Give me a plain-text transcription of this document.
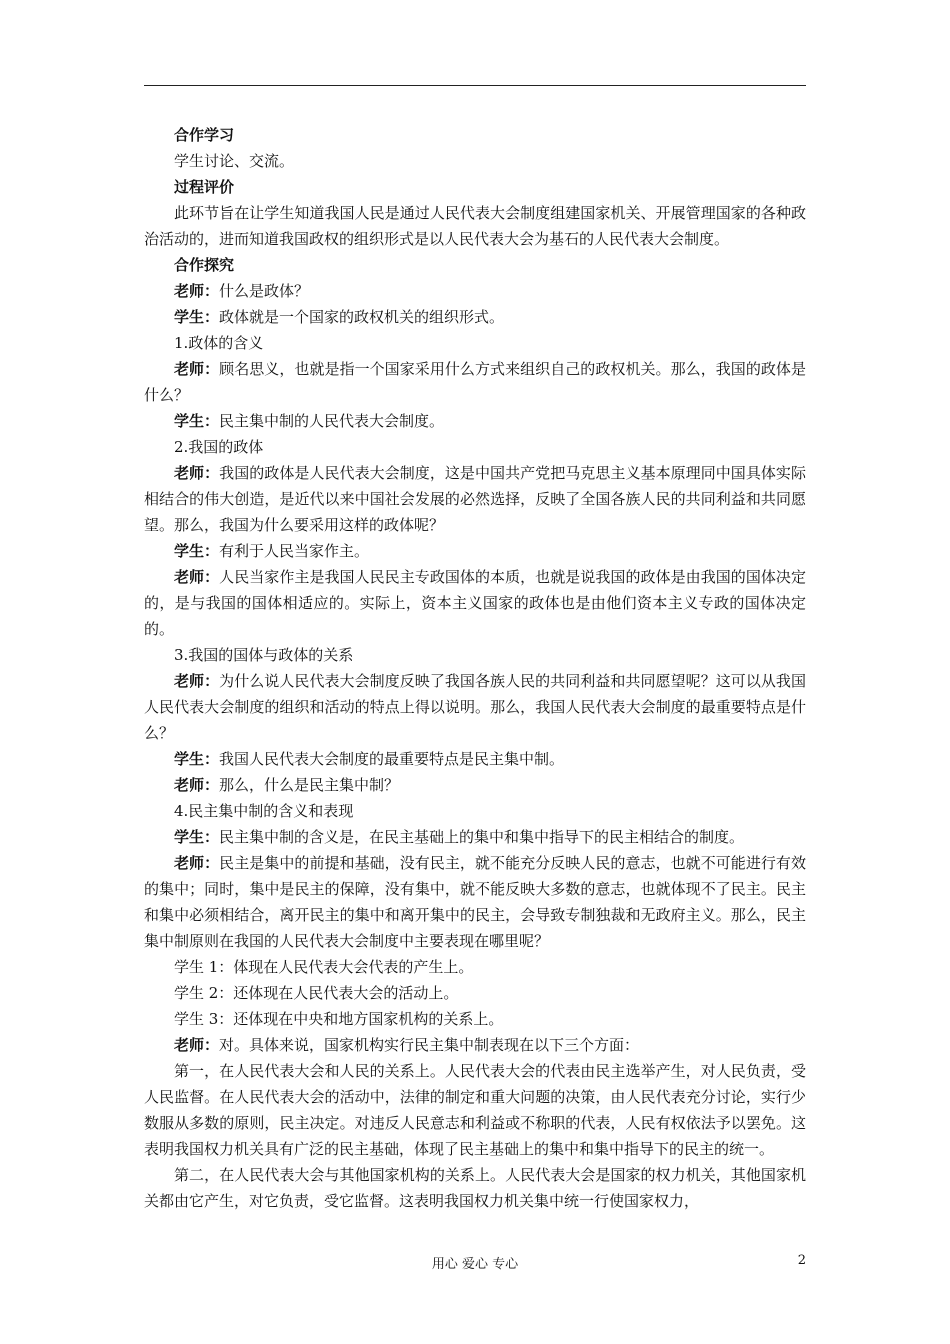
合作学习

学生讨论、交流。

过程评价

此环节旨在让学生知道我国人民是通过人民代表大会制度组建国家机关、开展管理国家的各种政治活动的，进而知道我国政权的组织形式是以人民代表大会为基石的人民代表大会制度。

合作探究

老师：什么是政体？

学生：政体就是一个国家的政权机关的组织形式。

1.政体的含义

老师：顾名思义，也就是指一个国家采用什么方式来组织自己的政权机关。那么，我国的政体是什么？

学生：民主集中制的人民代表大会制度。

2.我国的政体

老师：我国的政体是人民代表大会制度，这是中国共产党把马克思主义基本原理同中国具体实际相结合的伟大创造，是近代以来中国社会发展的必然选择，反映了全国各族人民的共同利益和共同愿望。那么，我国为什么要采用这样的政体呢？

学生：有利于人民当家作主。

老师：人民当家作主是我国人民民主专政国体的本质，也就是说我国的政体是由我国的国体决定的，是与我国的国体相适应的。实际上，资本主义国家的政体也是由他们资本主义专政的国体决定的。

3.我国的国体与政体的关系

老师：为什么说人民代表大会制度反映了我国各族人民的共同利益和共同愿望呢？这可以从我国人民代表大会制度的组织和活动的特点上得以说明。那么，我国人民代表大会制度的最重要特点是什么？

学生：我国人民代表大会制度的最重要特点是民主集中制。

老师：那么，什么是民主集中制？

4.民主集中制的含义和表现

学生：民主集中制的含义是，在民主基础上的集中和集中指导下的民主相结合的制度。

老师：民主是集中的前提和基础，没有民主，就不能充分反映人民的意志，也就不可能进行有效的集中；同时，集中是民主的保障，没有集中，就不能反映大多数的意志，也就体现不了民主。民主和集中必须相结合，离开民主的集中和离开集中的民主，会导致专制独裁和无政府主义。那么，民主集中制原则在我国的人民代表大会制度中主要表现在哪里呢？

学生 1：体现在人民代表大会代表的产生上。

学生 2：还体现在人民代表大会的活动上。

学生 3：还体现在中央和地方国家机构的关系上。

老师：对。具体来说，国家机构实行民主集中制表现在以下三个方面：

第一，在人民代表大会和人民的关系上。人民代表大会的代表由民主选举产生，对人民负责，受人民监督。在人民代表大会的活动中，法律的制定和重大问题的决策，由人民代表充分讨论，实行少数服从多数的原则，民主决定。对违反人民意志和利益或不称职的代表，人民有权依法予以罢免。这表明我国权力机关具有广泛的民主基础，体现了民主基础上的集中和集中指导下的民主的统一。

第二，在人民代表大会与其他国家机构的关系上。人民代表大会是国家的权力机关，其他国家机关都由它产生，对它负责，受它监督。这表明我国权力机关集中统一行使国家权力，

用心 爱心 专心	2
